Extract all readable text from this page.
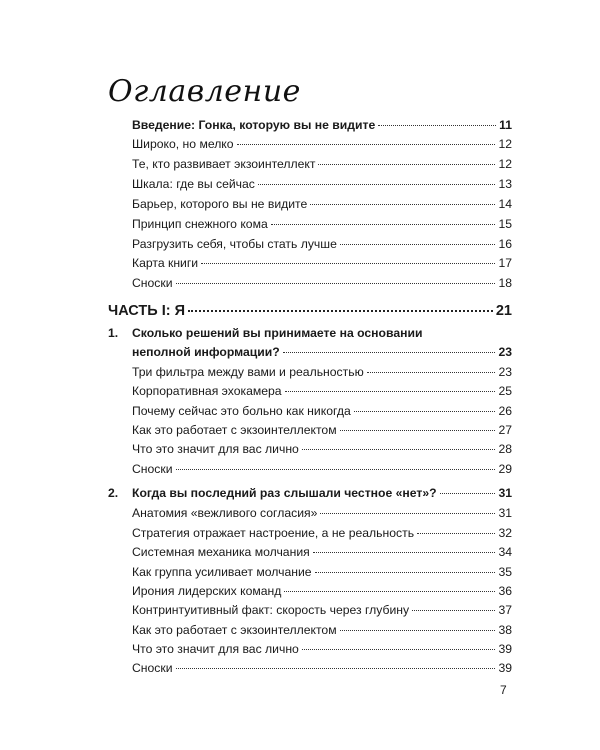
Оглавление
Введение: Гонка, которую вы не видите	11
Широко, но мелко	12
Те, кто развивает экзоинтеллект	12
Шкала: где вы сейчас	13
Барьер, которого вы не видите	14
Принцип снежного кома	15
Разгрузить себя, чтобы стать лучше	16
Карта книги	17
Сноски	18
ЧАСТЬ I: Я	21
1. Сколько решений вы принимаете на основании
неполной информации?	23
Три фильтра между вами и реальностью	23
Корпоративная эхокамера	25
Почему сейчас это больно как никогда	26
Как это работает с экзоинтеллектом	27
Что это значит для вас лично	28
Сноски	29
2. Когда вы последний раз слышали честное «нет»?	31
Анатомия «вежливого согласия»	31
Стратегия отражает настроение, а не реальность	32
Системная механика молчания	34
Как группа усиливает молчание	35
Ирония лидерских команд	36
Контринтуитивный факт: скорость через глубину	37
Как это работает с экзоинтеллектом	38
Что это значит для вас лично	39
Сноски	39
7
